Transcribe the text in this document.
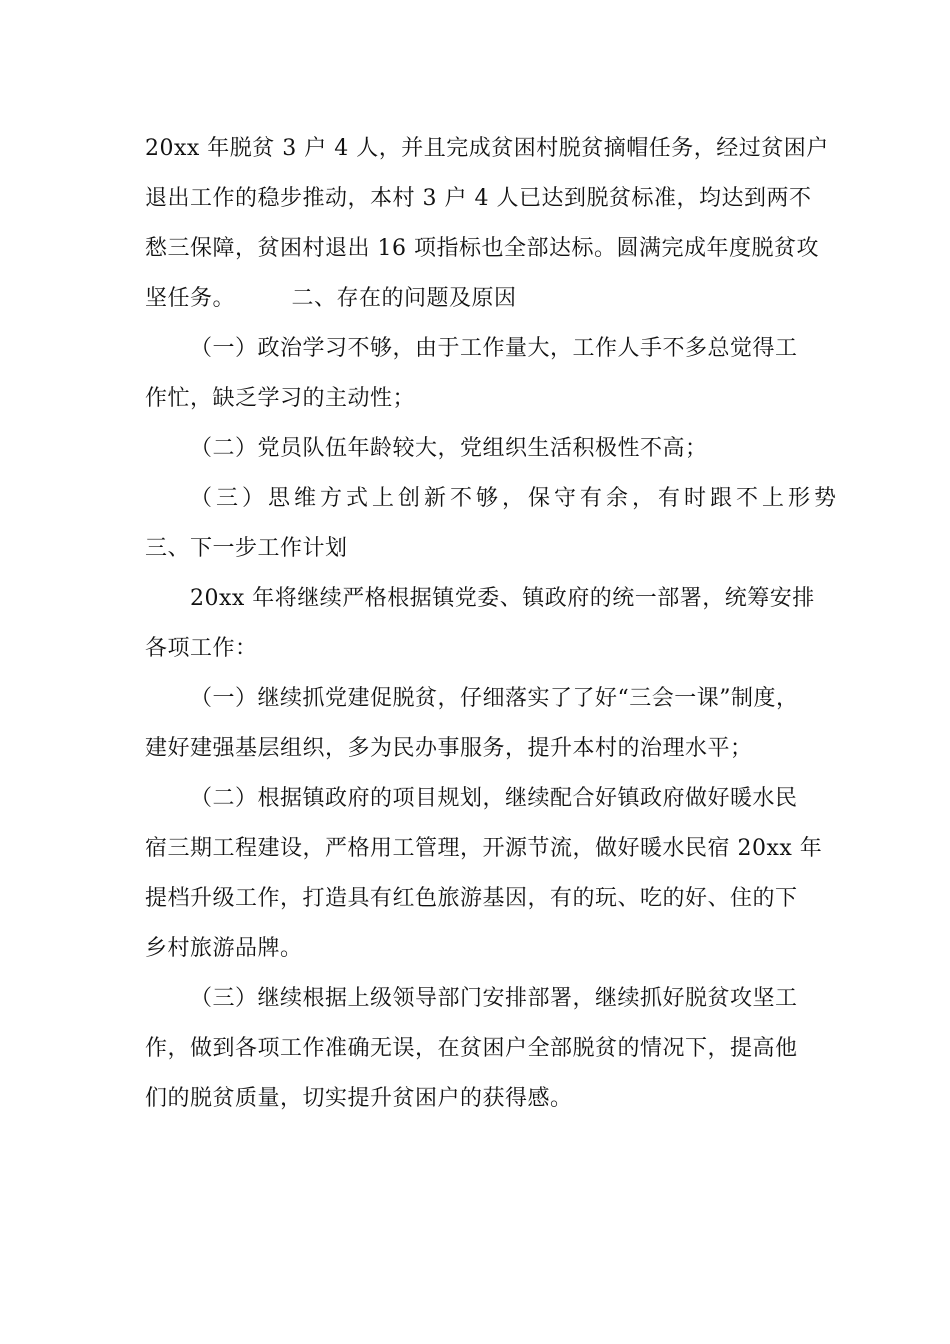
20xx 年脱贫 3 户 4 人，并且完成贫困村脱贫摘帽任务，经过贫困户
退出工作的稳步推动，本村 3 户 4 人已达到脱贫标准，均达到两不
愁三保障，贫困村退出 16 项指标也全部达标。圆满完成年度脱贫攻
坚任务。　　　二、存在的问题及原因
（一）政治学习不够，由于工作量大，工作人手不多总觉得工
作忙，缺乏学习的主动性；
（二）党员队伍年龄较大，党组织生活积极性不高；
（三）思维方式上创新不够，保守有余，有时跟不上形势
三、下一步工作计划
20xx 年将继续严格根据镇党委、镇政府的统一部署，统筹安排
各项工作：
（一）继续抓党建促脱贫，仔细落实了了好“三会一课”制度，
建好建强基层组织，多为民办事服务，提升本村的治理水平；
（二）根据镇政府的项目规划，继续配合好镇政府做好暖水民
宿三期工程建设，严格用工管理，开源节流，做好暖水民宿 20xx 年
提档升级工作，打造具有红色旅游基因，有的玩、吃的好、住的下
乡村旅游品牌。
（三）继续根据上级领导部门安排部署，继续抓好脱贫攻坚工
作，做到各项工作准确无误，在贫困户全部脱贫的情况下，提高他
们的脱贫质量，切实提升贫困户的获得感。
